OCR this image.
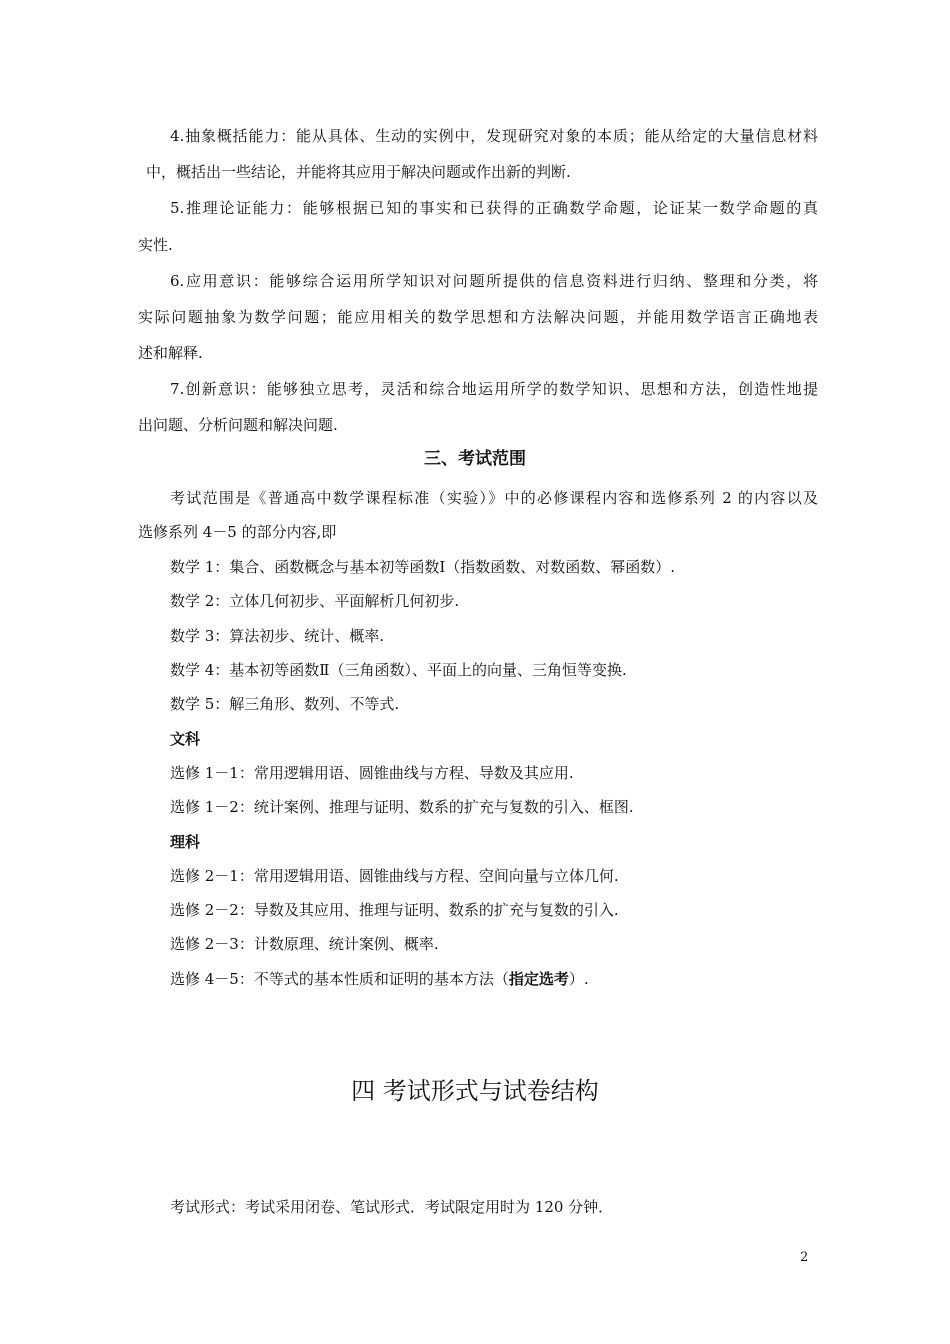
4.抽象概括能力：能从具体、生动的实例中，发现研究对象的本质；能从给定的大量信息材料
中，概括出一些结论，并能将其应用于解决问题或作出新的判断.
5.推理论证能力：能够根据已知的事实和已获得的正确数学命题，论证某一数学命题的真
实性.
6.应用意识：能够综合运用所学知识对问题所提供的信息资料进行归纳、整理和分类，将
实际问题抽象为数学问题；能应用相关的数学思想和方法解决问题，并能用数学语言正确地表
述和解释.
7.创新意识：能够独立思考，灵活和综合地运用所学的数学知识、思想和方法，创造性地提
出问题、分析问题和解决问题.
三、考试范围
考试范围是《普通高中数学课程标准（实验）》中的必修课程内容和选修系列 2 的内容以及
选修系列 4－5 的部分内容,即
数学 1：集合、函数概念与基本初等函数Ⅰ（指数函数、对数函数、幂函数）.
数学 2：立体几何初步、平面解析几何初步.
数学 3：算法初步、统计、概率.
数学 4：基本初等函数Ⅱ（三角函数）、平面上的向量、三角恒等变换.
数学 5：解三角形、数列、不等式.
文科
选修 1－1：常用逻辑用语、圆锥曲线与方程、导数及其应用.
选修 1－2：统计案例、推理与证明、数系的扩充与复数的引入、框图.
理科
选修 2－1：常用逻辑用语、圆锥曲线与方程、空间向量与立体几何.
选修 2－2：导数及其应用、推理与证明、数系的扩充与复数的引入.
选修 2－3：计数原理、统计案例、概率.
选修 4－5：不等式的基本性质和证明的基本方法（指定选考）.
四 考试形式与试卷结构
考试形式：考试采用闭卷、笔试形式．考试限定用时为 120 分钟．
2
